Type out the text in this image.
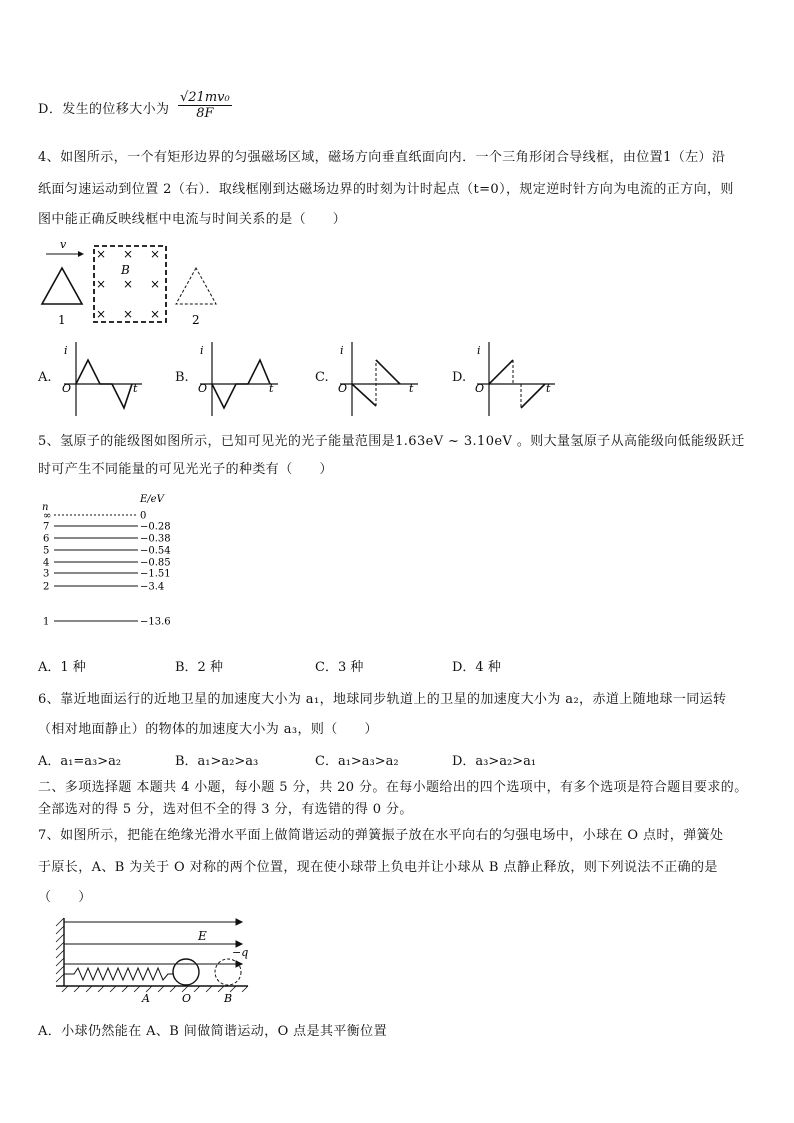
D．发生的位移大小为 $\frac{\text{√21mv₀}}{8F}$
4、如图所示，一个有矩形边界的匀强磁场区域，磁场方向垂直纸面向内．一个三角形闭合导线框，由位置1（左）沿
纸面匀速运动到位置 2（右）．取线框刚到达磁场边界的时刻为计时起点（t=0），规定逆时针方向为电流的正方向，则
图中能正确反映线框中电流与时间关系的是（　　）
v
1
× × ×
× × ×
× × ×
B
2
A.
i
t
O
B.
i
t
O
C.
i
t
O
D.
i
t
O
5、氢原子的能级图如图所示，已知可见光的光子能量范围是1.63eV ~ 3.10eV 。则大量氢原子从高能级向低能级跃迁
时可产生不同能量的可见光光子的种类有（　　）
n
E/eV
∞	0
7	−0.28
6	−0.38
5	−0.54
4	−0.85
3	−1.51
2	−3.4
1	−13.6
A．1 种	B．2 种	C．3 种	D．4 种
6、靠近地面运行的近地卫星的加速度大小为 a₁，地球同步轨道上的卫星的加速度大小为 a₂，赤道上随地球一同运转
（相对地面静止）的物体的加速度大小为 a₃，则（　　）
A．a₁=a₃>a₂	B．a₁>a₂>a₃	C．a₁>a₃>a₂	D．a₃>a₂>a₁
二、多项选择题 本题共 4 小题，每小题 5 分，共 20 分。在每小题给出的四个选项中，有多个选项是符合题目要求的。
全部选对的得 5 分，选对但不全的得 3 分，有选错的得 0 分。
7、如图所示，把能在绝缘光滑水平面上做简谐运动的弹簧振子放在水平向右的匀强电场中，小球在 O 点时，弹簧处
于原长，A、B 为关于 O 对称的两个位置，现在使小球带上负电并让小球从 B 点静止释放，则下列说法不正确的是
（　　）
E
−q
A	O	B
A．小球仍然能在 A、B 间做简谐运动，O 点是其平衡位置
